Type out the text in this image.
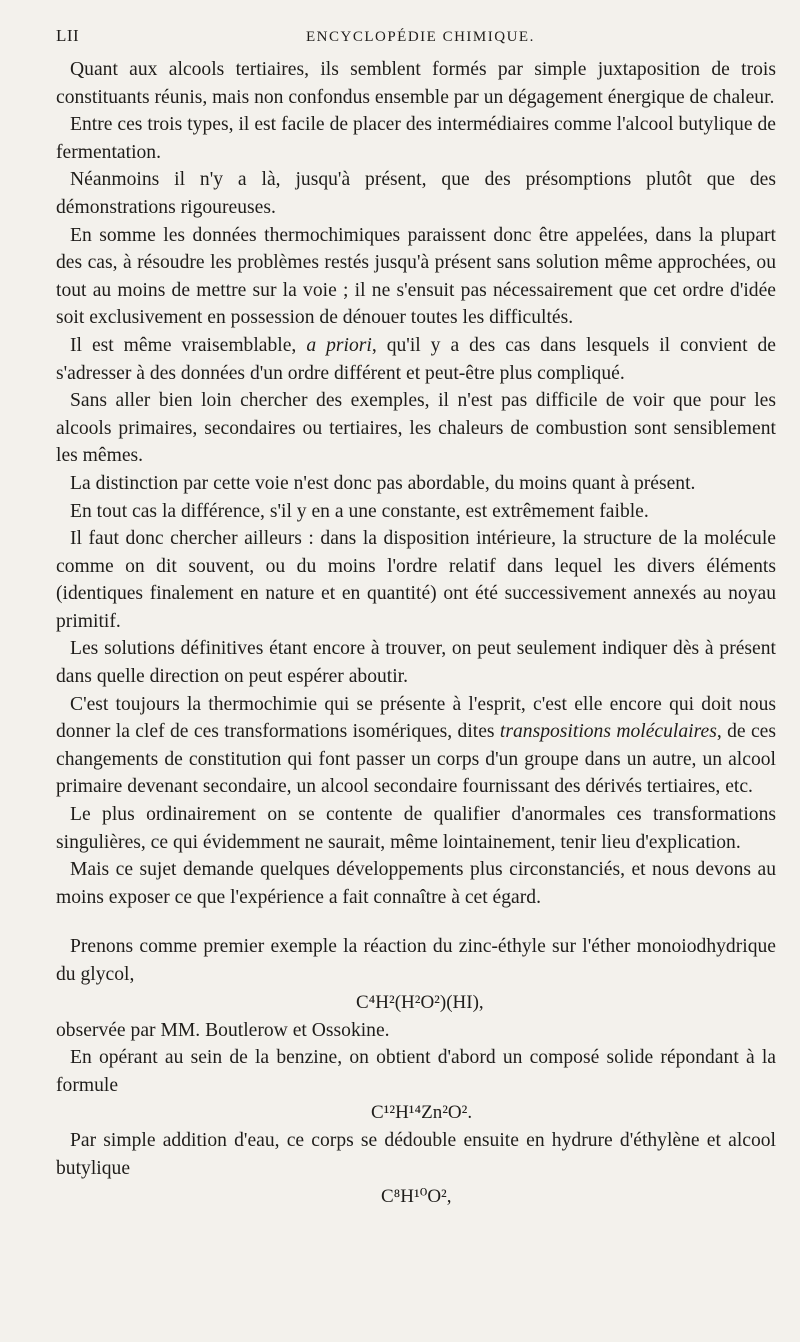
LII	ENCYCLOPÉDIE CHIMIQUE.

Quant aux alcools tertiaires, ils semblent formés par simple juxtaposition de trois constituants réunis, mais non confondus ensemble par un dégagement énergique de chaleur.

Entre ces trois types, il est facile de placer des intermédiaires comme l'alcool butylique de fermentation.

Néanmoins il n'y a là, jusqu'à présent, que des présomptions plutôt que des démonstrations rigoureuses.

En somme les données thermochimiques paraissent donc être appelées, dans la plupart des cas, à résoudre les problèmes restés jusqu'à présent sans solution même approchées, ou tout au moins de mettre sur la voie ; il ne s'ensuit pas nécessairement que cet ordre d'idée soit exclusivement en possession de dénouer toutes les difficultés.

Il est même vraisemblable, a priori, qu'il y a des cas dans lesquels il convient de s'adresser à des données d'un ordre différent et peut-être plus compliqué.

Sans aller bien loin chercher des exemples, il n'est pas difficile de voir que pour les alcools primaires, secondaires ou tertiaires, les chaleurs de combustion sont sensiblement les mêmes.

La distinction par cette voie n'est donc pas abordable, du moins quant à présent.

En tout cas la différence, s'il y en a une constante, est extrêmement faible.

Il faut donc chercher ailleurs : dans la disposition intérieure, la structure de la molécule comme on dit souvent, ou du moins l'ordre relatif dans lequel les divers éléments (identiques finalement en nature et en quantité) ont été successivement annexés au noyau primitif.

Les solutions définitives étant encore à trouver, on peut seulement indiquer dès à présent dans quelle direction on peut espérer aboutir.

C'est toujours la thermochimie qui se présente à l'esprit, c'est elle encore qui doit nous donner la clef de ces transformations isomériques, dites transpositions moléculaires, de ces changements de constitution qui font passer un corps d'un groupe dans un autre, un alcool primaire devenant secondaire, un alcool secondaire fournissant des dérivés tertiaires, etc.

Le plus ordinairement on se contente de qualifier d'anormales ces transformations singulières, ce qui évidemment ne saurait, même lointainement, tenir lieu d'explication.

Mais ce sujet demande quelques développements plus circonstanciés, et nous devons au moins exposer ce que l'expérience a fait connaître à cet égard.

Prenons comme premier exemple la réaction du zinc-éthyle sur l'éther monoiodhydrique du glycol,

C⁴H²(H²O²)(HI),

observée par MM. Boutlerow et Ossokine.

En opérant au sein de la benzine, on obtient d'abord un composé solide répondant à la formule

C¹²H¹⁴Zn²O².

Par simple addition d'eau, ce corps se dédouble ensuite en hydrure d'éthylène et alcool butylique

C⁸H¹⁰O²,
